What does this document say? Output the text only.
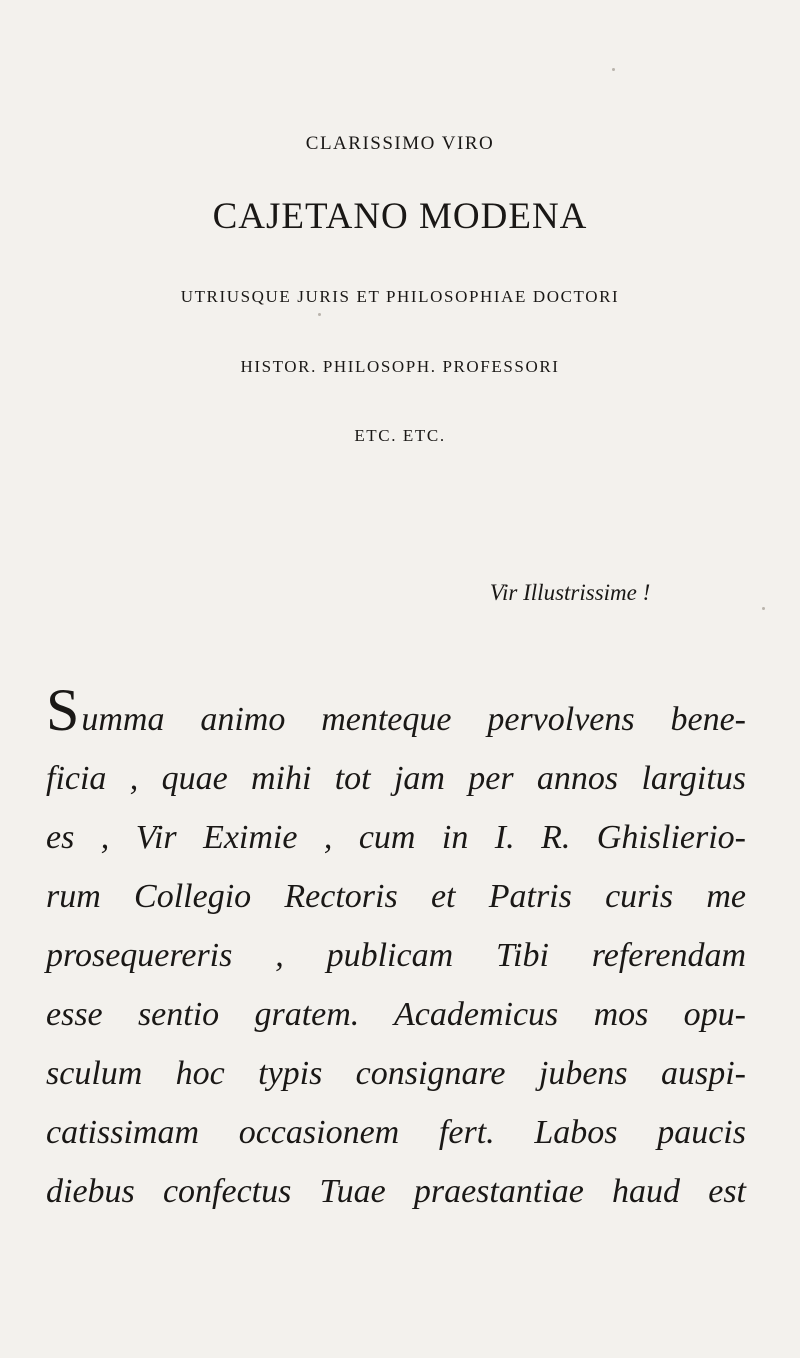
CLARISSIMO VIRO
CAJETANO MODENA
UTRIUSQUE JURIS ET PHILOSOPHIAE DOCTORI
HISTOR. PHILOSOPH. PROFESSORI
ETC. ETC.
Vir Illustrissime !
S umma animo menteque pervolvens bene-
ficia , quae mihi tot jam per annos largitus
es , Vir Eximie , cum in I. R. Ghislierio-
rum Collegio Rectoris et Patris curis me
prosequereris , publicam Tibi referendam
esse sentio gratem. Academicus mos opu-
sculum hoc typis consignare jubens auspi-
catissimam occasionem fert. Labos paucis
diebus confectus Tuae praestantiae haud est
